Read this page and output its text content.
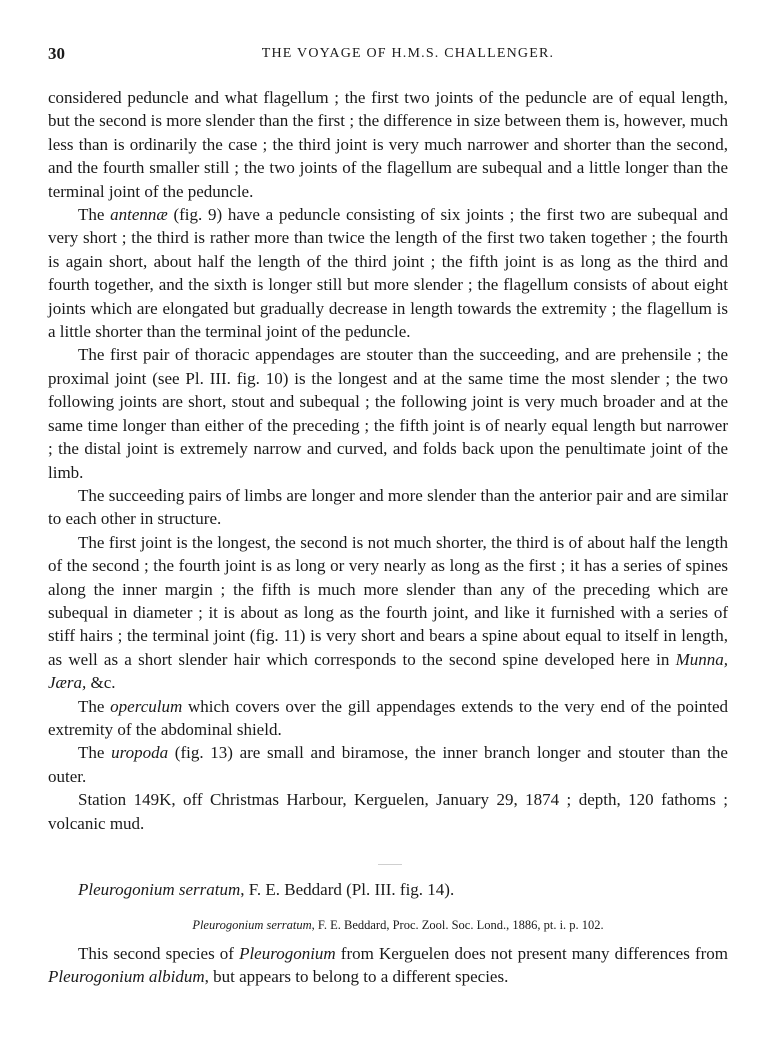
30	THE VOYAGE OF H.M.S. CHALLENGER.

considered peduncle and what flagellum ; the first two joints of the peduncle are of equal length, but the second is more slender than the first ; the difference in size between them is, however, much less than is ordinarily the case ; the third joint is very much narrower and shorter than the second, and the fourth smaller still ; the two joints of the flagellum are subequal and a little longer than the terminal joint of the peduncle.

The antennæ (fig. 9) have a peduncle consisting of six joints ; the first two are subequal and very short ; the third is rather more than twice the length of the first two taken together ; the fourth is again short, about half the length of the third joint ; the fifth joint is as long as the third and fourth together, and the sixth is longer still but more slender ; the flagellum consists of about eight joints which are elongated but gradually decrease in length towards the extremity ; the flagellum is a little shorter than the terminal joint of the peduncle.

The first pair of thoracic appendages are stouter than the succeeding, and are prehensile ; the proximal joint (see Pl. III. fig. 10) is the longest and at the same time the most slender ; the two following joints are short, stout and subequal ; the following joint is very much broader and at the same time longer than either of the preceding ; the fifth joint is of nearly equal length but narrower ; the distal joint is extremely narrow and curved, and folds back upon the penultimate joint of the limb.

The succeeding pairs of limbs are longer and more slender than the anterior pair and are similar to each other in structure.

The first joint is the longest, the second is not much shorter, the third is of about half the length of the second ; the fourth joint is as long or very nearly as long as the first ; it has a series of spines along the inner margin ; the fifth is much more slender than any of the preceding which are subequal in diameter ; it is about as long as the fourth joint, and like it furnished with a series of stiff hairs ; the terminal joint (fig. 11) is very short and bears a spine about equal to itself in length, as well as a short slender hair which corresponds to the second spine developed here in Munna, Jæra, &c.

The operculum which covers over the gill appendages extends to the very end of the pointed extremity of the abdominal shield.

The uropoda (fig. 13) are small and biramose, the inner branch longer and stouter than the outer.

Station 149K, off Christmas Harbour, Kerguelen, January 29, 1874 ; depth, 120 fathoms ; volcanic mud.

Pleurogonium serratum, F. E. Beddard (Pl. III. fig. 14).
Pleurogonium serratum, F. E. Beddard, Proc. Zool. Soc. Lond., 1886, pt. i. p. 102.

This second species of Pleurogonium from Kerguelen does not present many differences from Pleurogonium albidum, but appears to belong to a different species.
